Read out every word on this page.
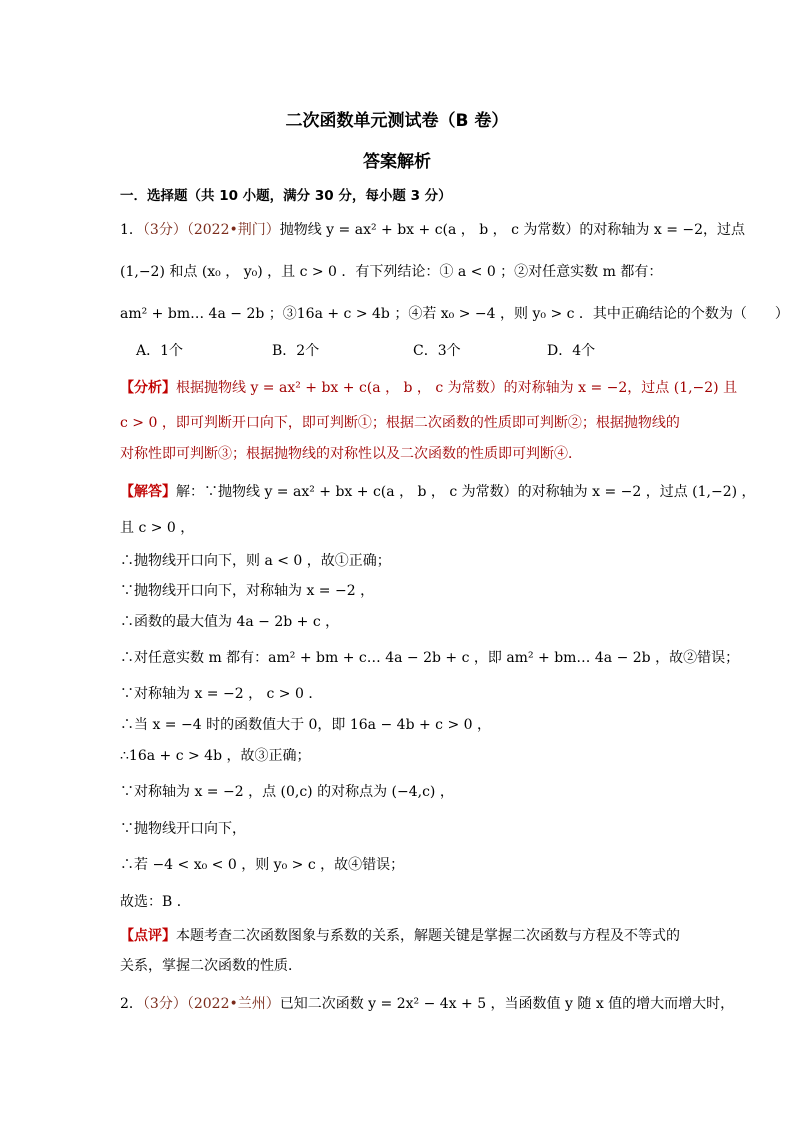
二次函数单元测试卷（B 卷）
答案解析
一．选择题（共 10 小题，满分 30 分，每小题 3 分）
1．（3分）（2022•荆门）抛物线 y = ax² + bx + c(a ， b ， c 为常数）的对称轴为 x = −2，过点
(1,−2) 和点 (x₀ ， y₀) ，且 c > 0 ．有下列结论：① a < 0 ；②对任意实数 m 都有：
am² + bm… 4a − 2b ；③16a + c > 4b ；④若 x₀ > −4 ，则 y₀ > c ．其中正确结论的个数为（　　）
A．1个	B．2个	C．3个	D．4个
【分析】根据抛物线 y = ax² + bx + c(a ， b ， c 为常数）的对称轴为 x = −2，过点 (1,−2) 且
c > 0 ，即可判断开口向下，即可判断①；根据二次函数的性质即可判断②；根据抛物线的
对称性即可判断③；根据抛物线的对称性以及二次函数的性质即可判断④．
【解答】解：∵抛物线 y = ax² + bx + c(a ， b ， c 为常数）的对称轴为 x = −2 ，过点 (1,−2) ，
且 c > 0 ，
∴抛物线开口向下，则 a < 0 ，故①正确；
∵抛物线开口向下，对称轴为 x = −2 ，
∴函数的最大值为 4a − 2b + c ，
∴对任意实数 m 都有：am² + bm + c… 4a − 2b + c ，即 am² + bm… 4a − 2b ，故②错误；
∵对称轴为 x = −2 ， c > 0 ．
∴当 x = −4 时的函数值大于 0，即 16a − 4b + c > 0 ，
∴16a + c > 4b ，故③正确；
∵对称轴为 x = −2 ，点 (0,c) 的对称点为 (−4,c) ，
∵抛物线开口向下，
∴若 −4 < x₀ < 0 ，则 y₀ > c ，故④错误；
故选：B ．
【点评】本题考查二次函数图象与系数的关系，解题关键是掌握二次函数与方程及不等式的
关系，掌握二次函数的性质．
2．（3分）（2022•兰州）已知二次函数 y = 2x² − 4x + 5 ，当函数值 y 随 x 值的增大而增大时，
